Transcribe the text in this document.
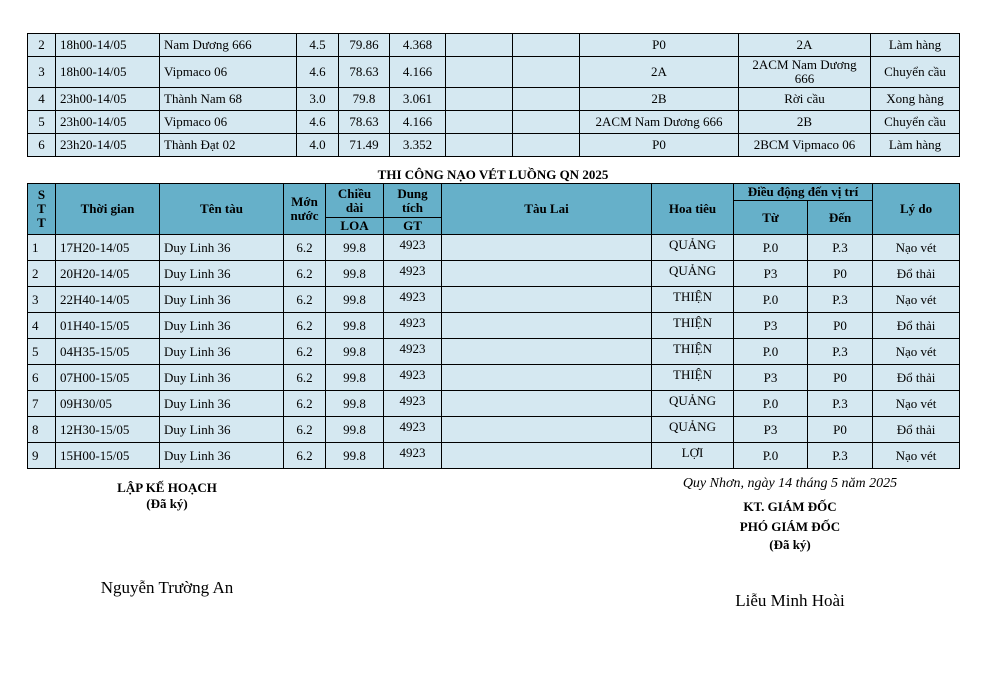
2	18h00-14/05	Nam Dương 666	4.5	79.86	4.368			P0	2A	Làm hàng
3	18h00-14/05	Vipmaco 06	4.6	78.63	4.166			2A	2ACM Nam Dương 666	Chuyển cầu
4	23h00-14/05	Thành Nam 68	3.0	79.8	3.061			2B	Rời cầu	Xong hàng
5	23h00-14/05	Vipmaco 06	4.6	78.63	4.166			2ACM Nam Dương 666	2B	Chuyển cầu
6	23h20-14/05	Thành Đạt 02	4.0	71.49	3.352			P0	2BCM Vipmaco 06	Làm hàng
THI CÔNG NẠO VÉT LUỒNG QN 2025
S T T	Thời gian	Tên tàu	Mớn nước	Chiều dài	Dung tích	Tàu Lai	Hoa tiêu	Điều động đến vị trí		Lý do
								Từ	Đến	
				LOA	GT					
1	17H20-14/05	Duy Linh 36	6.2	99.8	4923		QUẢNG	P.0	P.3	Nạo vét
2	20H20-14/05	Duy Linh 36	6.2	99.8	4923		QUẢNG	P3	P0	Đổ thải
3	22H40-14/05	Duy Linh 36	6.2	99.8	4923		THIỆN	P.0	P.3	Nạo vét
4	01H40-15/05	Duy Linh 36	6.2	99.8	4923		THIỆN	P3	P0	Đổ thải
5	04H35-15/05	Duy Linh 36	6.2	99.8	4923		THIỆN	P.0	P.3	Nạo vét
6	07H00-15/05	Duy Linh 36	6.2	99.8	4923		THIỆN	P3	P0	Đổ thải
7	09H30/05	Duy Linh 36	6.2	99.8	4923		QUẢNG	P.0	P.3	Nạo vét
8	12H30-15/05	Duy Linh 36	6.2	99.8	4923		QUẢNG	P3	P0	Đổ thải
9	15H00-15/05	Duy Linh 36	6.2	99.8	4923		LỢI	P.0	P.3	Nạo vét
LẬP KẾ HOẠCH
(Đã ký)
Nguyễn Trường An
Quy Nhơn, ngày 14 tháng 5 năm 2025
KT. GIÁM ĐỐC
PHÓ GIÁM ĐỐC
(Đã ký)
Liễu Minh Hoài
